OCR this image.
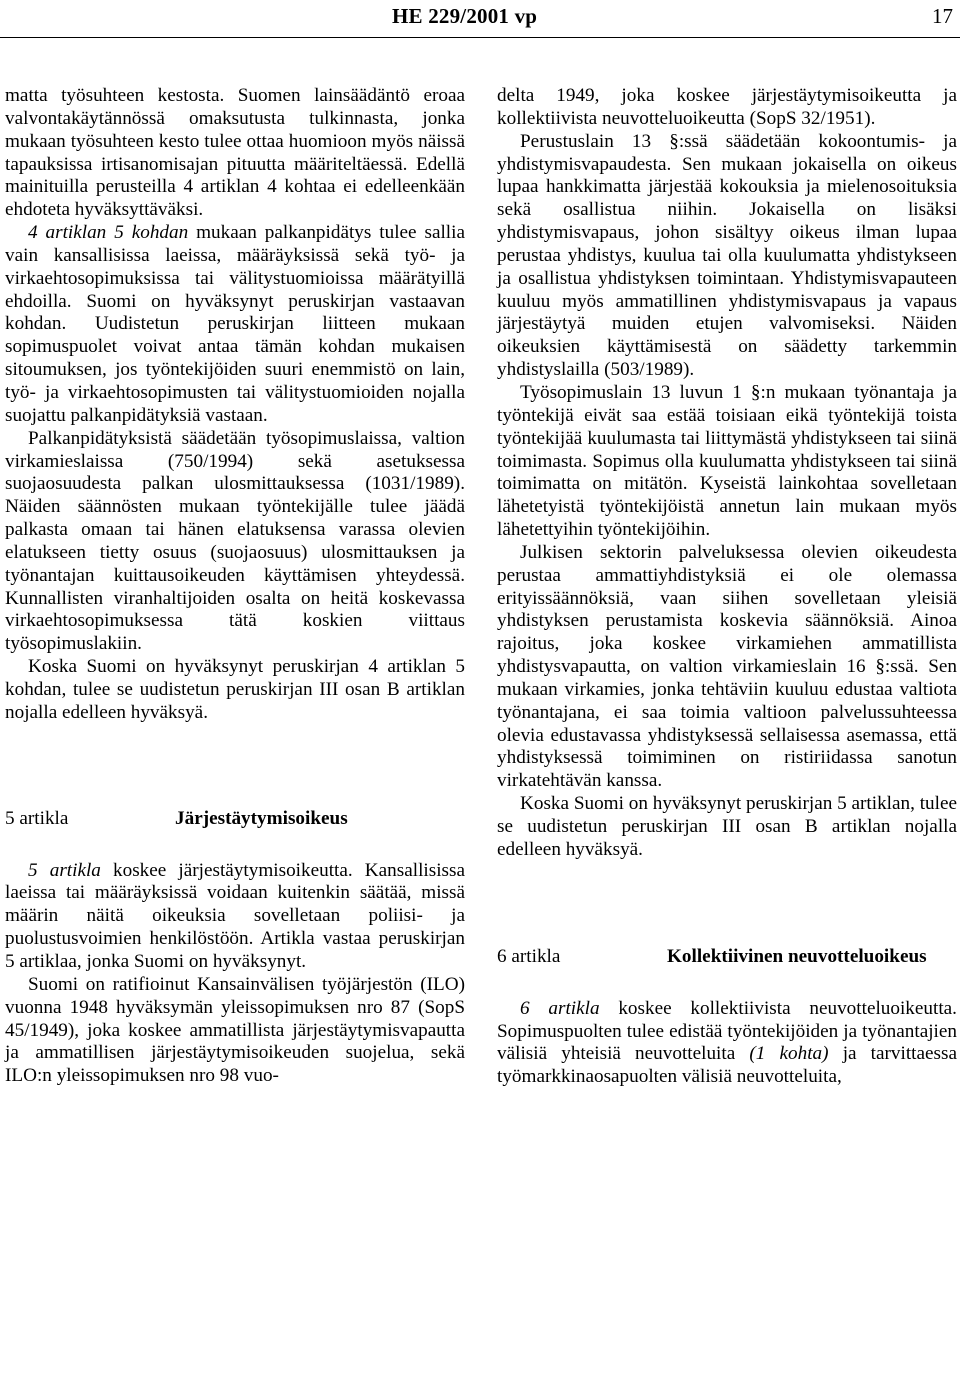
HE 229/2001 vp	17

matta työsuhteen kestosta. Suomen lainsäädäntö eroaa valvontakäytännössä omaksutusta tulkinnasta, jonka mukaan työsuhteen kesto tulee ottaa huomioon myös näissä tapauksissa irtisanomisajan pituutta määriteltäessä. Edellä mainituilla perusteilla 4 artiklan 4 kohtaa ei edelleenkään ehdoteta hyväksyttäväksi.

4 artiklan 5 kohdan mukaan palkanpidätys tulee sallia vain kansallisissa laeissa, määräyksissä sekä työ- ja virkaehtosopimuksissa tai välitystuomioissa määrätyillä ehdoilla. Suomi on hyväksynyt peruskirjan vastaavan kohdan. Uudistetun peruskirjan liitteen mukaan sopimuspuolet voivat antaa tämän kohdan mukaisen sitoumuksen, jos työntekijöiden suuri enemmistö on lain, työ- ja virkaehtosopimusten tai välitystuomioiden nojalla suojattu palkanpidätyksiä vastaan.

Palkanpidätyksistä säädetään työsopimuslaissa, valtion virkamieslaissa (750/1994) sekä asetuksessa suojaosuudesta palkan ulosmittauksessa (1031/1989). Näiden säännösten mukaan työntekijälle tulee jäädä palkasta omaan tai hänen elatuksensa varassa olevien elatukseen tietty osuus (suojaosuus) ulosmittauksen ja työnantajan kuittausoikeuden käyttämisen yhteydessä. Kunnallisten viranhaltijoiden osalta on heitä koskevassa virkaehtosopimuksessa tätä koskien viittaus työsopimuslakiin.

Koska Suomi on hyväksynyt peruskirjan 4 artiklan 5 kohdan, tulee se uudistetun peruskirjan III osan B artiklan nojalla edelleen hyväksyä.

5 artikla	Järjestäytymisoikeus

5 artikla koskee järjestäytymisoikeutta. Kansallisissa laeissa tai määräyksissä voidaan kuitenkin säätää, missä määrin näitä oikeuksia sovelletaan poliisi- ja puolustusvoimien henkilöstöön. Artikla vastaa peruskirjan 5 artiklaa, jonka Suomi on hyväksynyt.

Suomi on ratifioinut Kansainvälisen työjärjestön (ILO) vuonna 1948 hyväksymän yleissopimuksen nro 87 (SopS 45/1949), joka koskee ammatillista järjestäytymisvapautta ja ammatillisen järjestäytymisoikeuden suojelua, sekä ILO:n yleissopimuksen nro 98 vuo-

delta 1949, joka koskee järjestäytymisoikeutta ja kollektiivista neuvotteluoikeutta (SopS 32/1951).

Perustuslain 13 §:ssä säädetään kokoontumis- ja yhdistymisvapaudesta. Sen mukaan jokaisella on oikeus lupaa hankkimatta järjestää kokouksia ja mielenosoituksia sekä osallistua niihin. Jokaisella on lisäksi yhdistymisvapaus, johon sisältyy oikeus ilman lupaa perustaa yhdistys, kuulua tai olla kuulumatta yhdistykseen ja osallistua yhdistyksen toimintaan. Yhdistymisvapauteen kuuluu myös ammatillinen yhdistymisvapaus ja vapaus järjestäytyä muiden etujen valvomiseksi. Näiden oikeuksien käyttämisestä on säädetty tarkemmin yhdistyslailla (503/1989).

Työsopimuslain 13 luvun 1 §:n mukaan työnantaja ja työntekijä eivät saa estää toisiaan eikä työntekijä toista työntekijää kuulumasta tai liittymästä yhdistykseen tai siinä toimimasta. Sopimus olla kuulumatta yhdistykseen tai siinä toimimatta on mitätön. Kyseistä lainkohtaa sovelletaan lähetetyistä työntekijöistä annetun lain mukaan myös lähetettyihin työntekijöihin.

Julkisen sektorin palveluksessa olevien oikeudesta perustaa ammattiyhdistyksiä ei ole olemassa erityissäännöksiä, vaan siihen sovelletaan yleisiä yhdistyksen perustamista koskevia säännöksiä. Ainoa rajoitus, joka koskee virkamiehen ammatillista yhdistysvapautta, on valtion virkamieslain 16 §:ssä. Sen mukaan virkamies, jonka tehtäviin kuuluu edustaa valtiota työnantajana, ei saa toimia valtioon palvelussuhteessa olevia edustavassa yhdistyksessä sellaisessa asemassa, että yhdistyksessä toimiminen on ristiriidassa sanotun virkatehtävän kanssa.

Koska Suomi on hyväksynyt peruskirjan 5 artiklan, tulee se uudistetun peruskirjan III osan B artiklan nojalla edelleen hyväksyä.

6 artikla	Kollektiivinen neuvotteluoikeus

6 artikla koskee kollektiivista neuvotteluoikeutta. Sopimuspuolten tulee edistää työntekijöiden ja työnantajien välisiä yhteisiä neuvotteluita (1 kohta) ja tarvittaessa työmarkkinaosapuolten välisiä neuvotteluita,
